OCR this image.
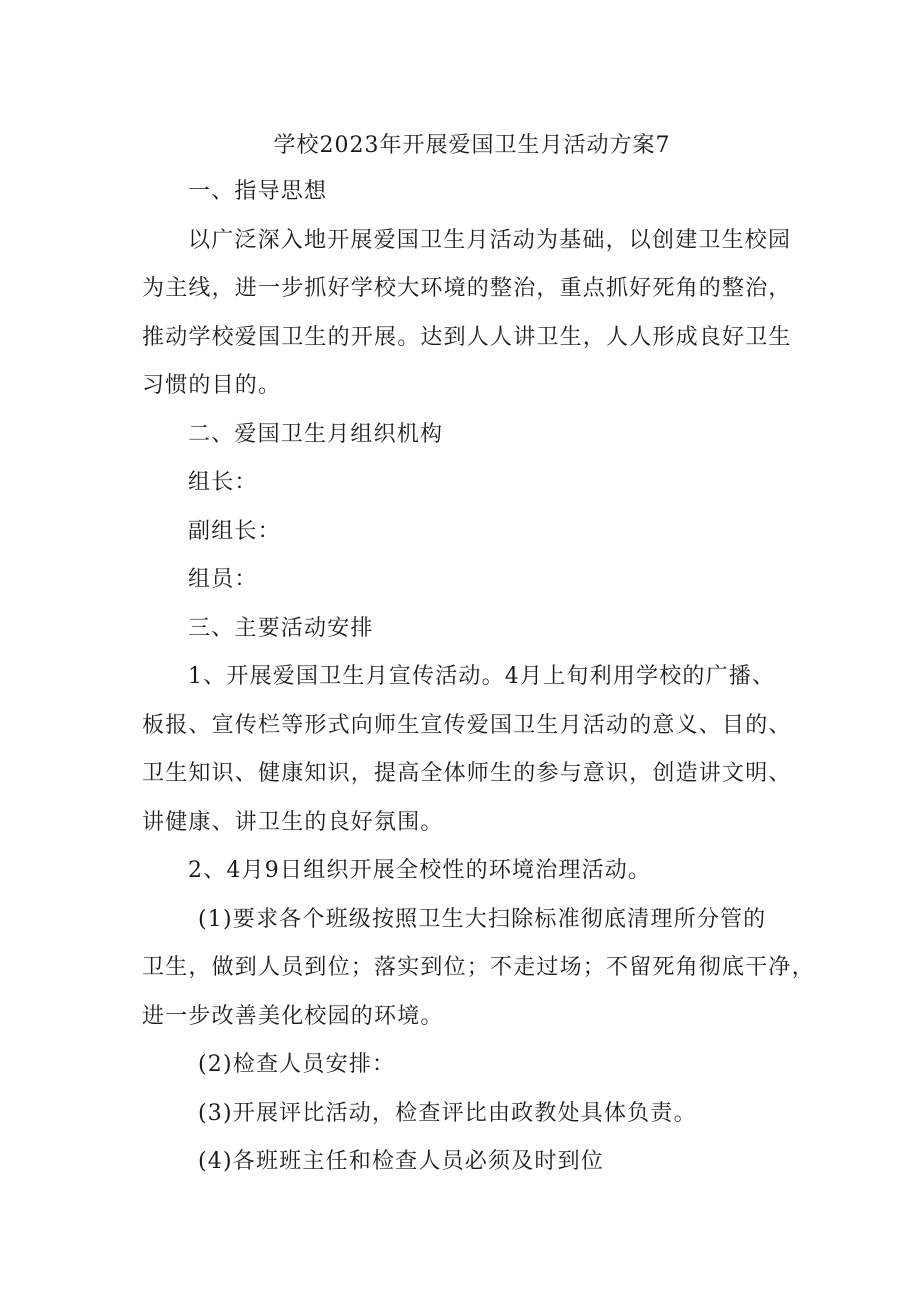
学校2023年开展爱国卫生月活动方案7

一、指导思想

以广泛深入地开展爱国卫生月活动为基础，以创建卫生校园

为主线，进一步抓好学校大环境的整治，重点抓好死角的整治，

推动学校爱国卫生的开展。达到人人讲卫生，人人形成良好卫生

习惯的目的。

二、爱国卫生月组织机构

组长：

副组长：

组员：

三、主要活动安排

1、开展爱国卫生月宣传活动。4月上旬利用学校的广播、

板报、宣传栏等形式向师生宣传爱国卫生月活动的意义、目的、

卫生知识、健康知识，提高全体师生的参与意识，创造讲文明、

讲健康、讲卫生的良好氛围。

2、4月9日组织开展全校性的环境治理活动。

(1)要求各个班级按照卫生大扫除标准彻底清理所分管的

卫生，做到人员到位；落实到位；不走过场；不留死角彻底干净，

进一步改善美化校园的环境。

(2)检查人员安排：

(3)开展评比活动，检查评比由政教处具体负责。

(4)各班班主任和检查人员必须及时到位
